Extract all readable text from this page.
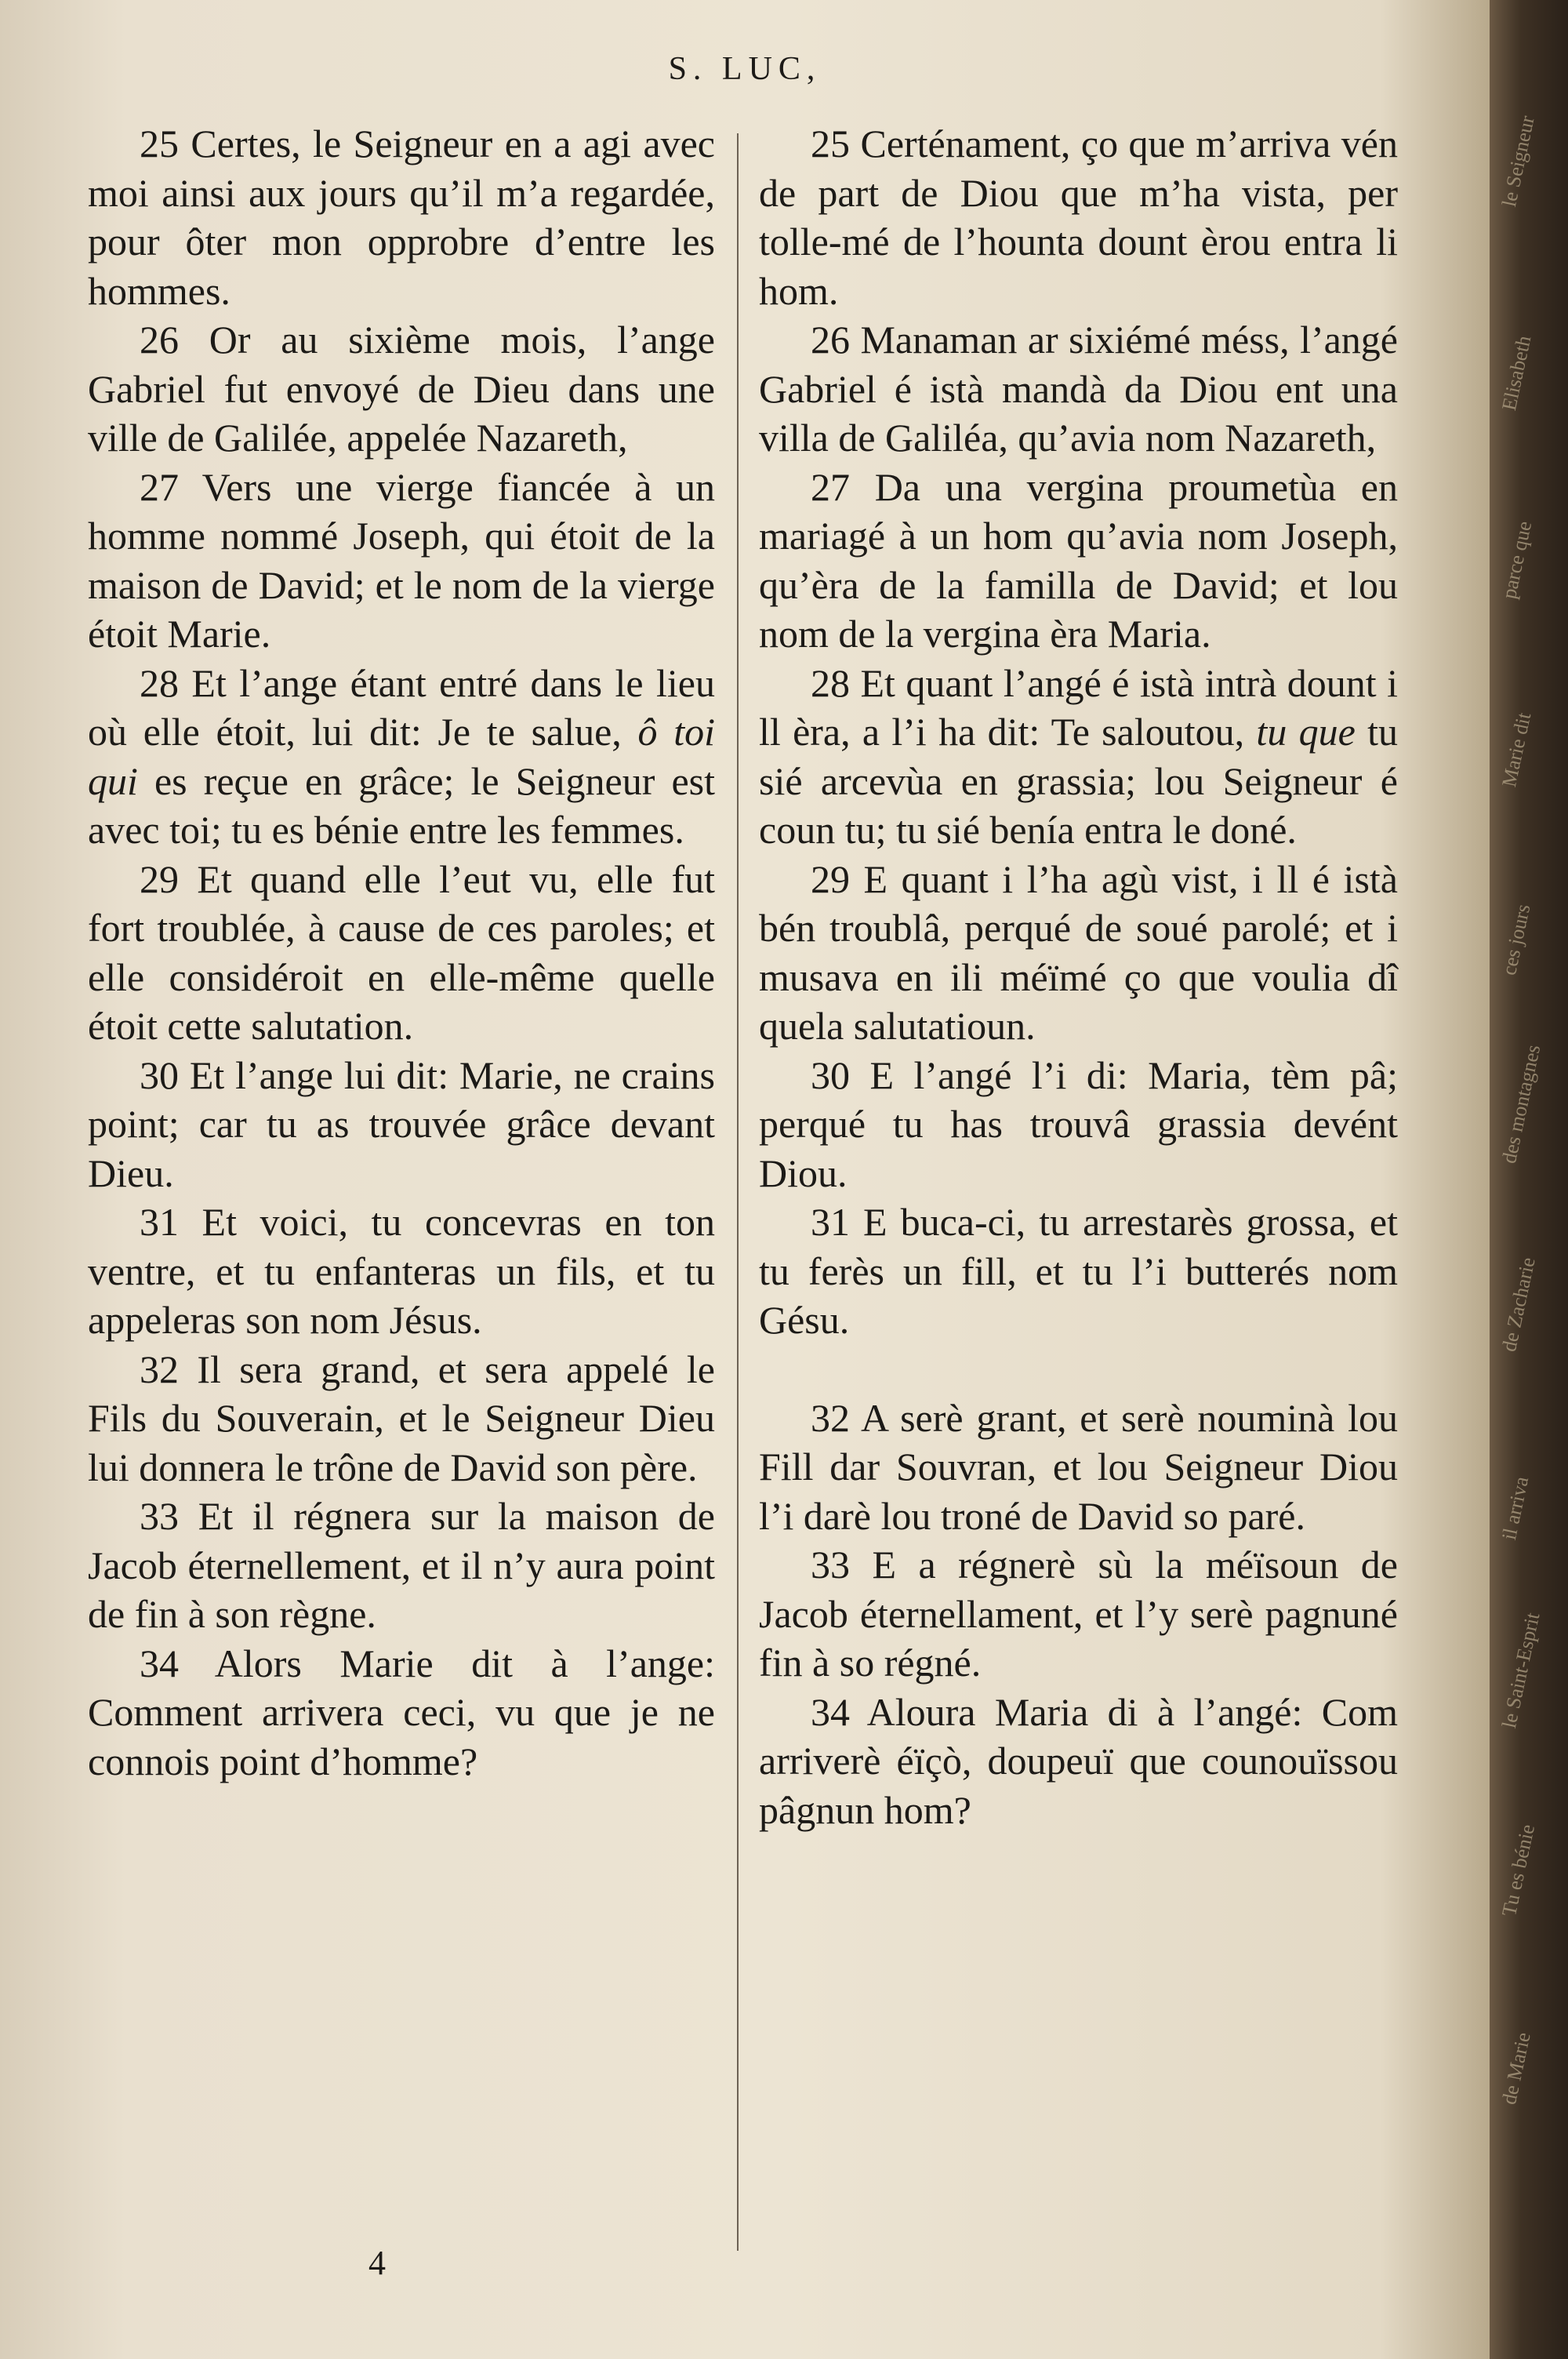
S. LUC,

25 Certes, le Seigneur en a agi avec moi ainsi aux jours qu’il m’a regardée, pour ôter mon opprobre d’entre les hommes.

26 Or au sixième mois, l’ange Gabriel fut envoyé de Dieu dans une ville de Galilée, appelée Nazareth,

27 Vers une vierge fiancée à un homme nommé Joseph, qui étoit de la maison de David; et le nom de la vierge étoit Marie.

28 Et l’ange étant entré dans le lieu où elle étoit, lui dit: Je te salue, ô toi qui es reçue en grâce; le Seigneur est avec toi; tu es bénie entre les femmes.

29 Et quand elle l’eut vu, elle fut fort troublée, à cause de ces paroles; et elle considéroit en elle-même quelle étoit cette salutation.

30 Et l’ange lui dit: Marie, ne crains point; car tu as trouvée grâce devant Dieu.

31 Et voici, tu concevras en ton ventre, et tu enfanteras un fils, et tu appeleras son nom Jésus.

32 Il sera grand, et sera appelé le Fils du Souverain, et le Seigneur Dieu lui donnera le trône de David son père.

33 Et il régnera sur la maison de Jacob éternellement, et il n’y aura point de fin à son règne.

34 Alors Marie dit à l’ange: Comment arrivera ceci, vu que je ne connois point d’homme?

25 Certénament, ço que m’arriva vén de part de Diou que m’ha vista, per tolle-mé de l’hounta dount èrou entra li hom.

26 Manaman ar sixiémé méss, l’angé Gabriel é istà mandà da Diou ent una villa de Galiléa, qu’avia nom Nazareth,

27 Da una vergina proumetùa en mariagé à un hom qu’avia nom Joseph, qu’èra de la familla de David; et lou nom de la vergina èra Maria.

28 Et quant l’angé é istà intrà dount i ll èra, a l’i ha dit: Te saloutou, tu que tu sié arcevùa en grassia; lou Seigneur é coun tu; tu sié benía entra le doné.

29 E quant i l’ha agù vist, i ll é istà bén troublâ, perqué de soué parolé; et i musava en ili méïmé ço que voulia dî quela salutatioun.

30 E l’angé l’i di: Maria, tèm pâ; perqué tu has trouvâ grassia devént Diou.

31 E buca-ci, tu arrestarès grossa, et tu ferès un fill, et tu l’i butterés nom Gésu.

32 A serè grant, et serè nouminà lou Fill dar Souvran, et lou Seigneur Diou l’i darè lou troné de David so paré.

33 E a régnerè sù la méïsoun de Jacob éternellament, et l’y serè pagnuné fin à so régné.

34 Aloura Maria di à l’angé: Com arriverè éïçò, doupeuï que counouïssou pâgnun hom?

4
le Seigneur
Elisabeth
parce que
Marie dit
ces jours
des montagnes
de Zacharie
il arriva
le Saint-Esprit
Tu es bénie
de Marie
